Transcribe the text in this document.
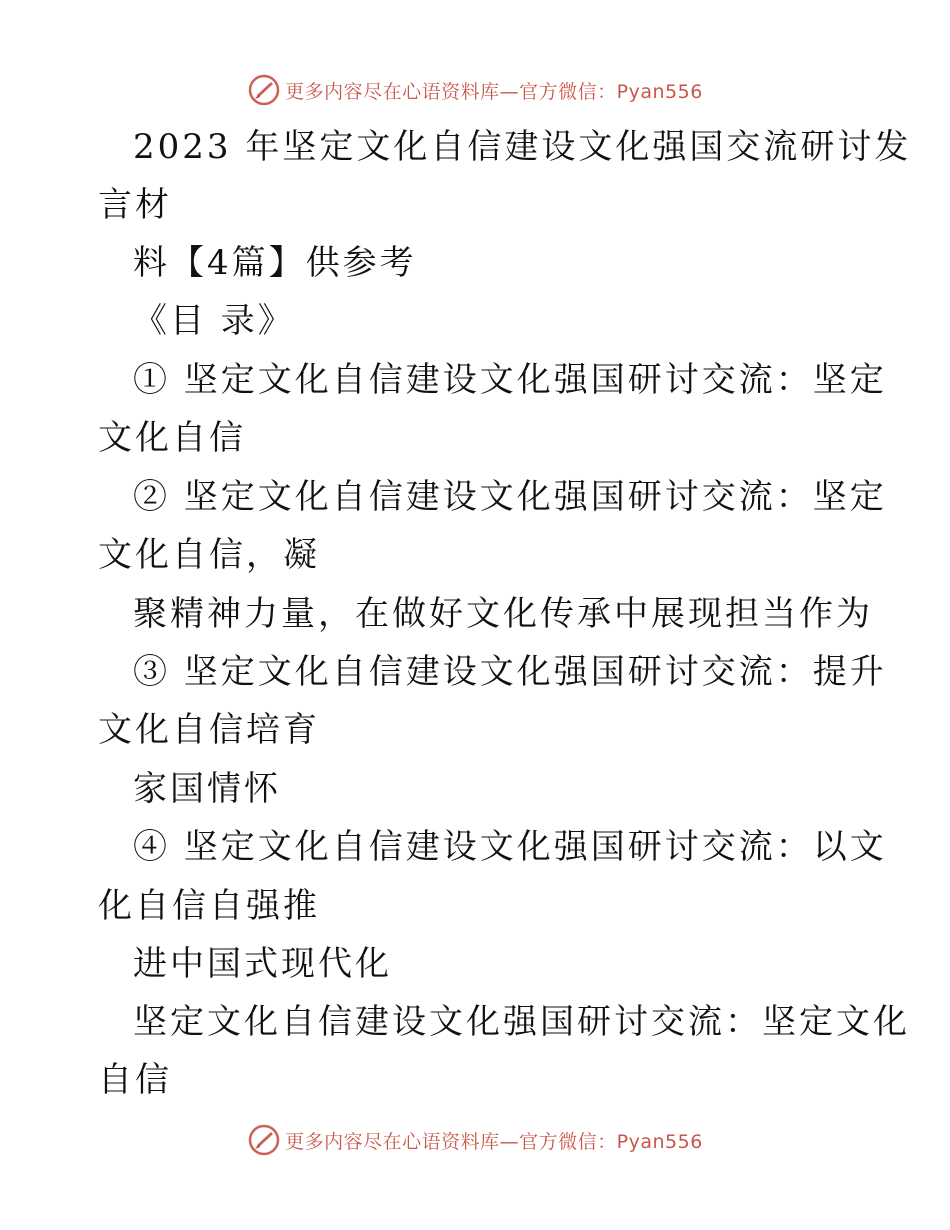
更多内容尽在心语资料库—官方微信：Pyan556
2023 年坚定文化自信建设文化强国交流研讨发
言材
料【4篇】供参考
《目 录》
① 坚定文化自信建设文化强国研讨交流：坚定
文化自信
② 坚定文化自信建设文化强国研讨交流：坚定
文化自信，凝
聚精神力量，在做好文化传承中展现担当作为
③ 坚定文化自信建设文化强国研讨交流：提升
文化自信培育
家国情怀
④ 坚定文化自信建设文化强国研讨交流：以文
化自信自强推
进中国式现代化
坚定文化自信建设文化强国研讨交流：坚定文化
自信
更多内容尽在心语资料库—官方微信：Pyan556
